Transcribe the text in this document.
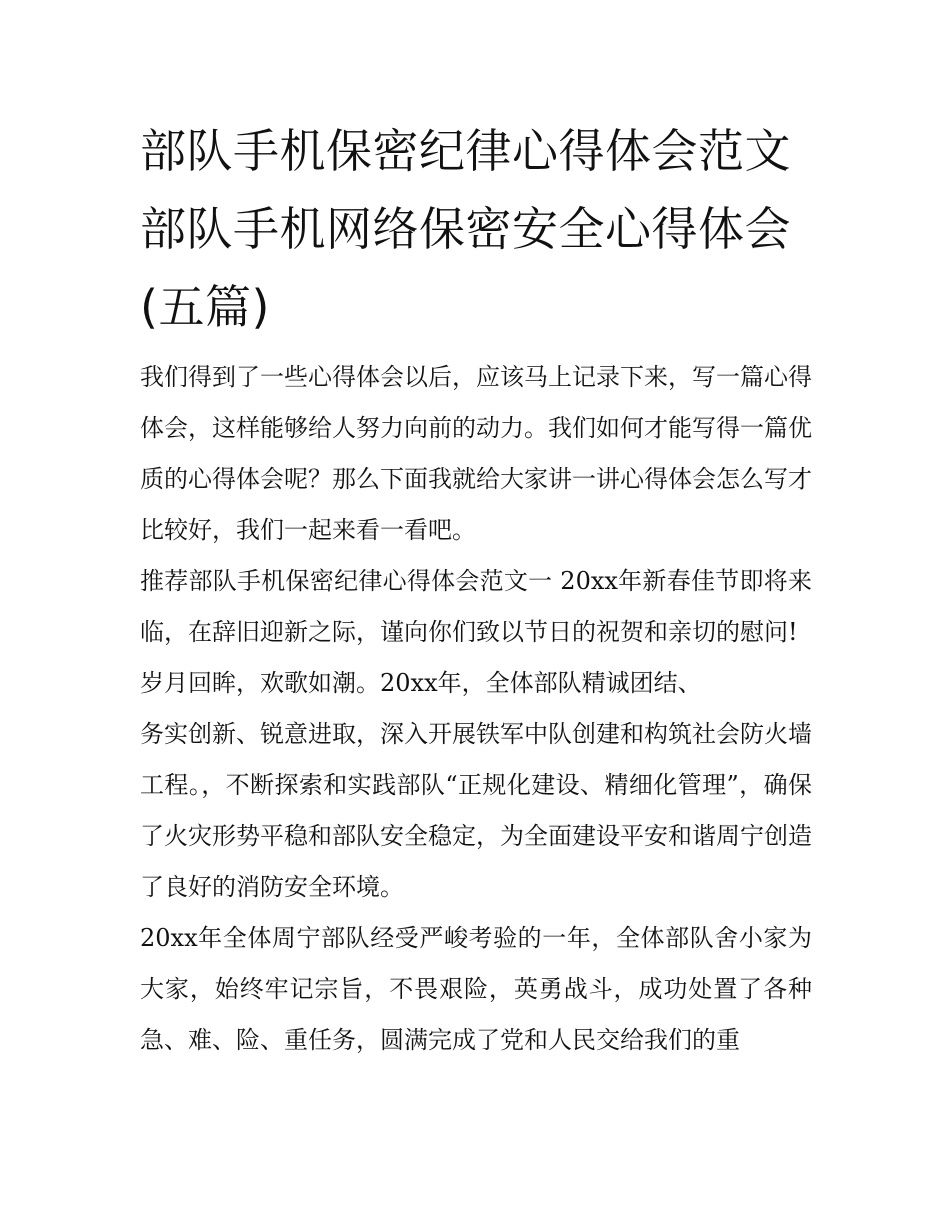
部队手机保密纪律心得体会范文 部队手机网络保密安全心得体会(五篇)

我们得到了一些心得体会以后，应该马上记录下来，写一篇心得体会，这样能够给人努力向前的动力。我们如何才能写得一篇优质的心得体会呢？那么下面我就给大家讲一讲心得体会怎么写才比较好，我们一起来看一看吧。

推荐部队手机保密纪律心得体会范文一 20xx年新春佳节即将来临，在辞旧迎新之际，谨向你们致以节日的祝贺和亲切的慰问!

岁月回眸，欢歌如潮。20xx年，全体部队精诚团结、

务实创新、锐意进取，深入开展铁军中队创建和构筑社会防火墙工程。，不断探索和实践部队“正规化建设、精细化管理”，确保了火灾形势平稳和部队安全稳定，为全面建设平安和谐周宁创造了良好的消防安全环境。

20xx年全体周宁部队经受严峻考验的一年，全体部队舍小家为大家，始终牢记宗旨，不畏艰险，英勇战斗，成功处置了各种急、难、险、重任务，圆满完成了党和人民交给我们的重
